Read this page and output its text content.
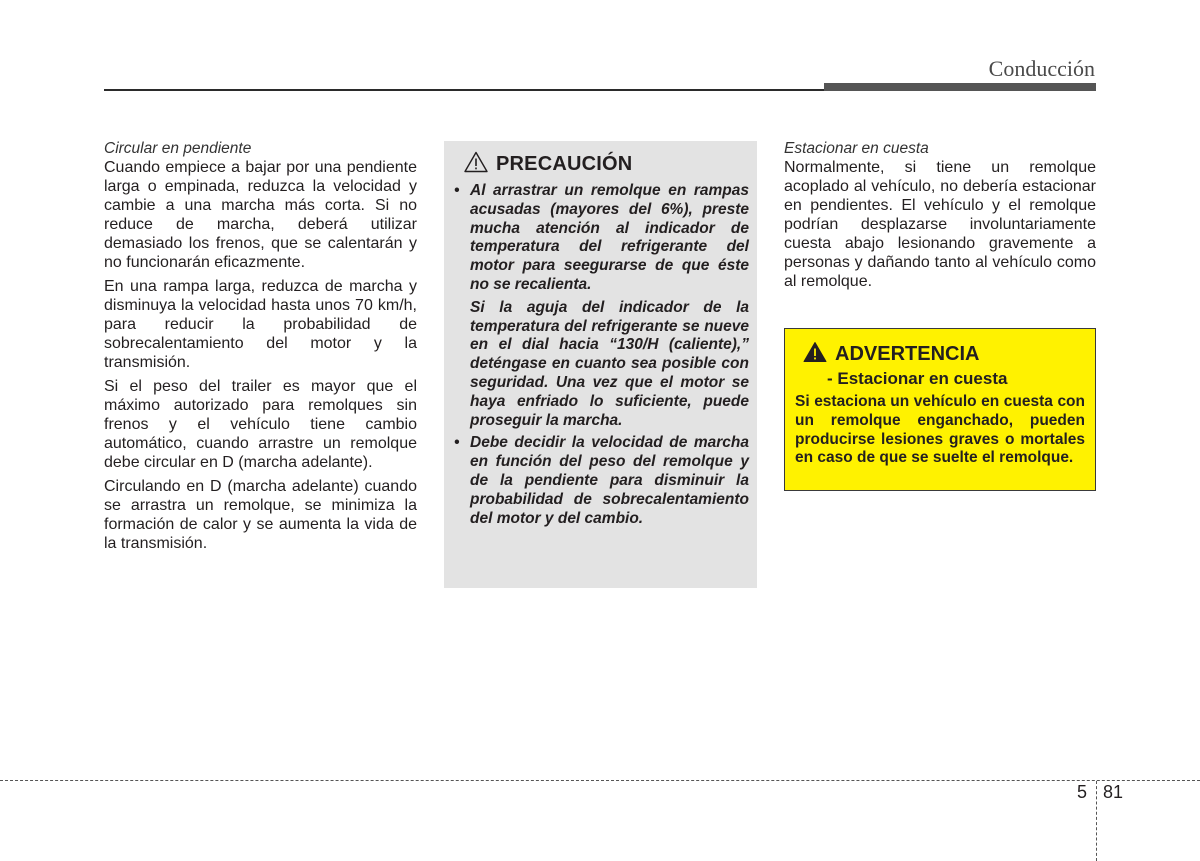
Conducción

Circular en pendiente

Cuando empiece a bajar por una pendiente larga o empinada, reduzca la velocidad y cambie a una marcha más corta. Si no reduce de marcha, deberá utilizar demasiado los frenos, que se calentarán y no funcionarán eficazmente.

En una rampa larga, reduzca de marcha y disminuya la velocidad hasta unos 70 km/h, para reducir la probabilidad de sobrecalentamiento del motor y la transmisión.

Si el peso del trailer es mayor que el máximo autorizado para remolques sin frenos y el vehículo tiene cambio automático, cuando arrastre un remolque debe circular en D (marcha adelante).

Circulando en D (marcha adelante) cuando se arrastra un remolque, se minimiza la formación de calor y se aumenta la vida de la transmisión.

PRECAUCIÓN
• Al arrastrar un remolque en rampas acusadas (mayores del 6%), preste mucha atención al indicador de temperatura del refrigerante del motor para seegurarse de que éste no se recalienta.

Si la aguja del indicador de la temperatura del refrigerante se nueve en el dial hacia “130/H (caliente),” deténgase en cuanto sea posible con seguridad. Una vez que el motor se haya enfriado lo suficiente, puede proseguir la marcha.

• Debe decidir la velocidad de marcha en función del peso del remolque y de la pendiente para disminuir la probabilidad de sobrecalentamiento del motor y del cambio.

Estacionar en cuesta

Normalmente, si tiene un remolque acoplado al vehículo, no debería estacionar en pendientes. El vehículo y el remolque podrían desplazarse involuntariamente cuesta abajo lesionando gravemente a personas y dañando tanto al vehículo como al remolque.

ADVERTENCIA
- Estacionar en cuesta

Si estaciona un vehículo en cuesta con un remolque enganchado, pueden producirse lesiones graves o mortales en caso de que se suelte el remolque.

5 81
